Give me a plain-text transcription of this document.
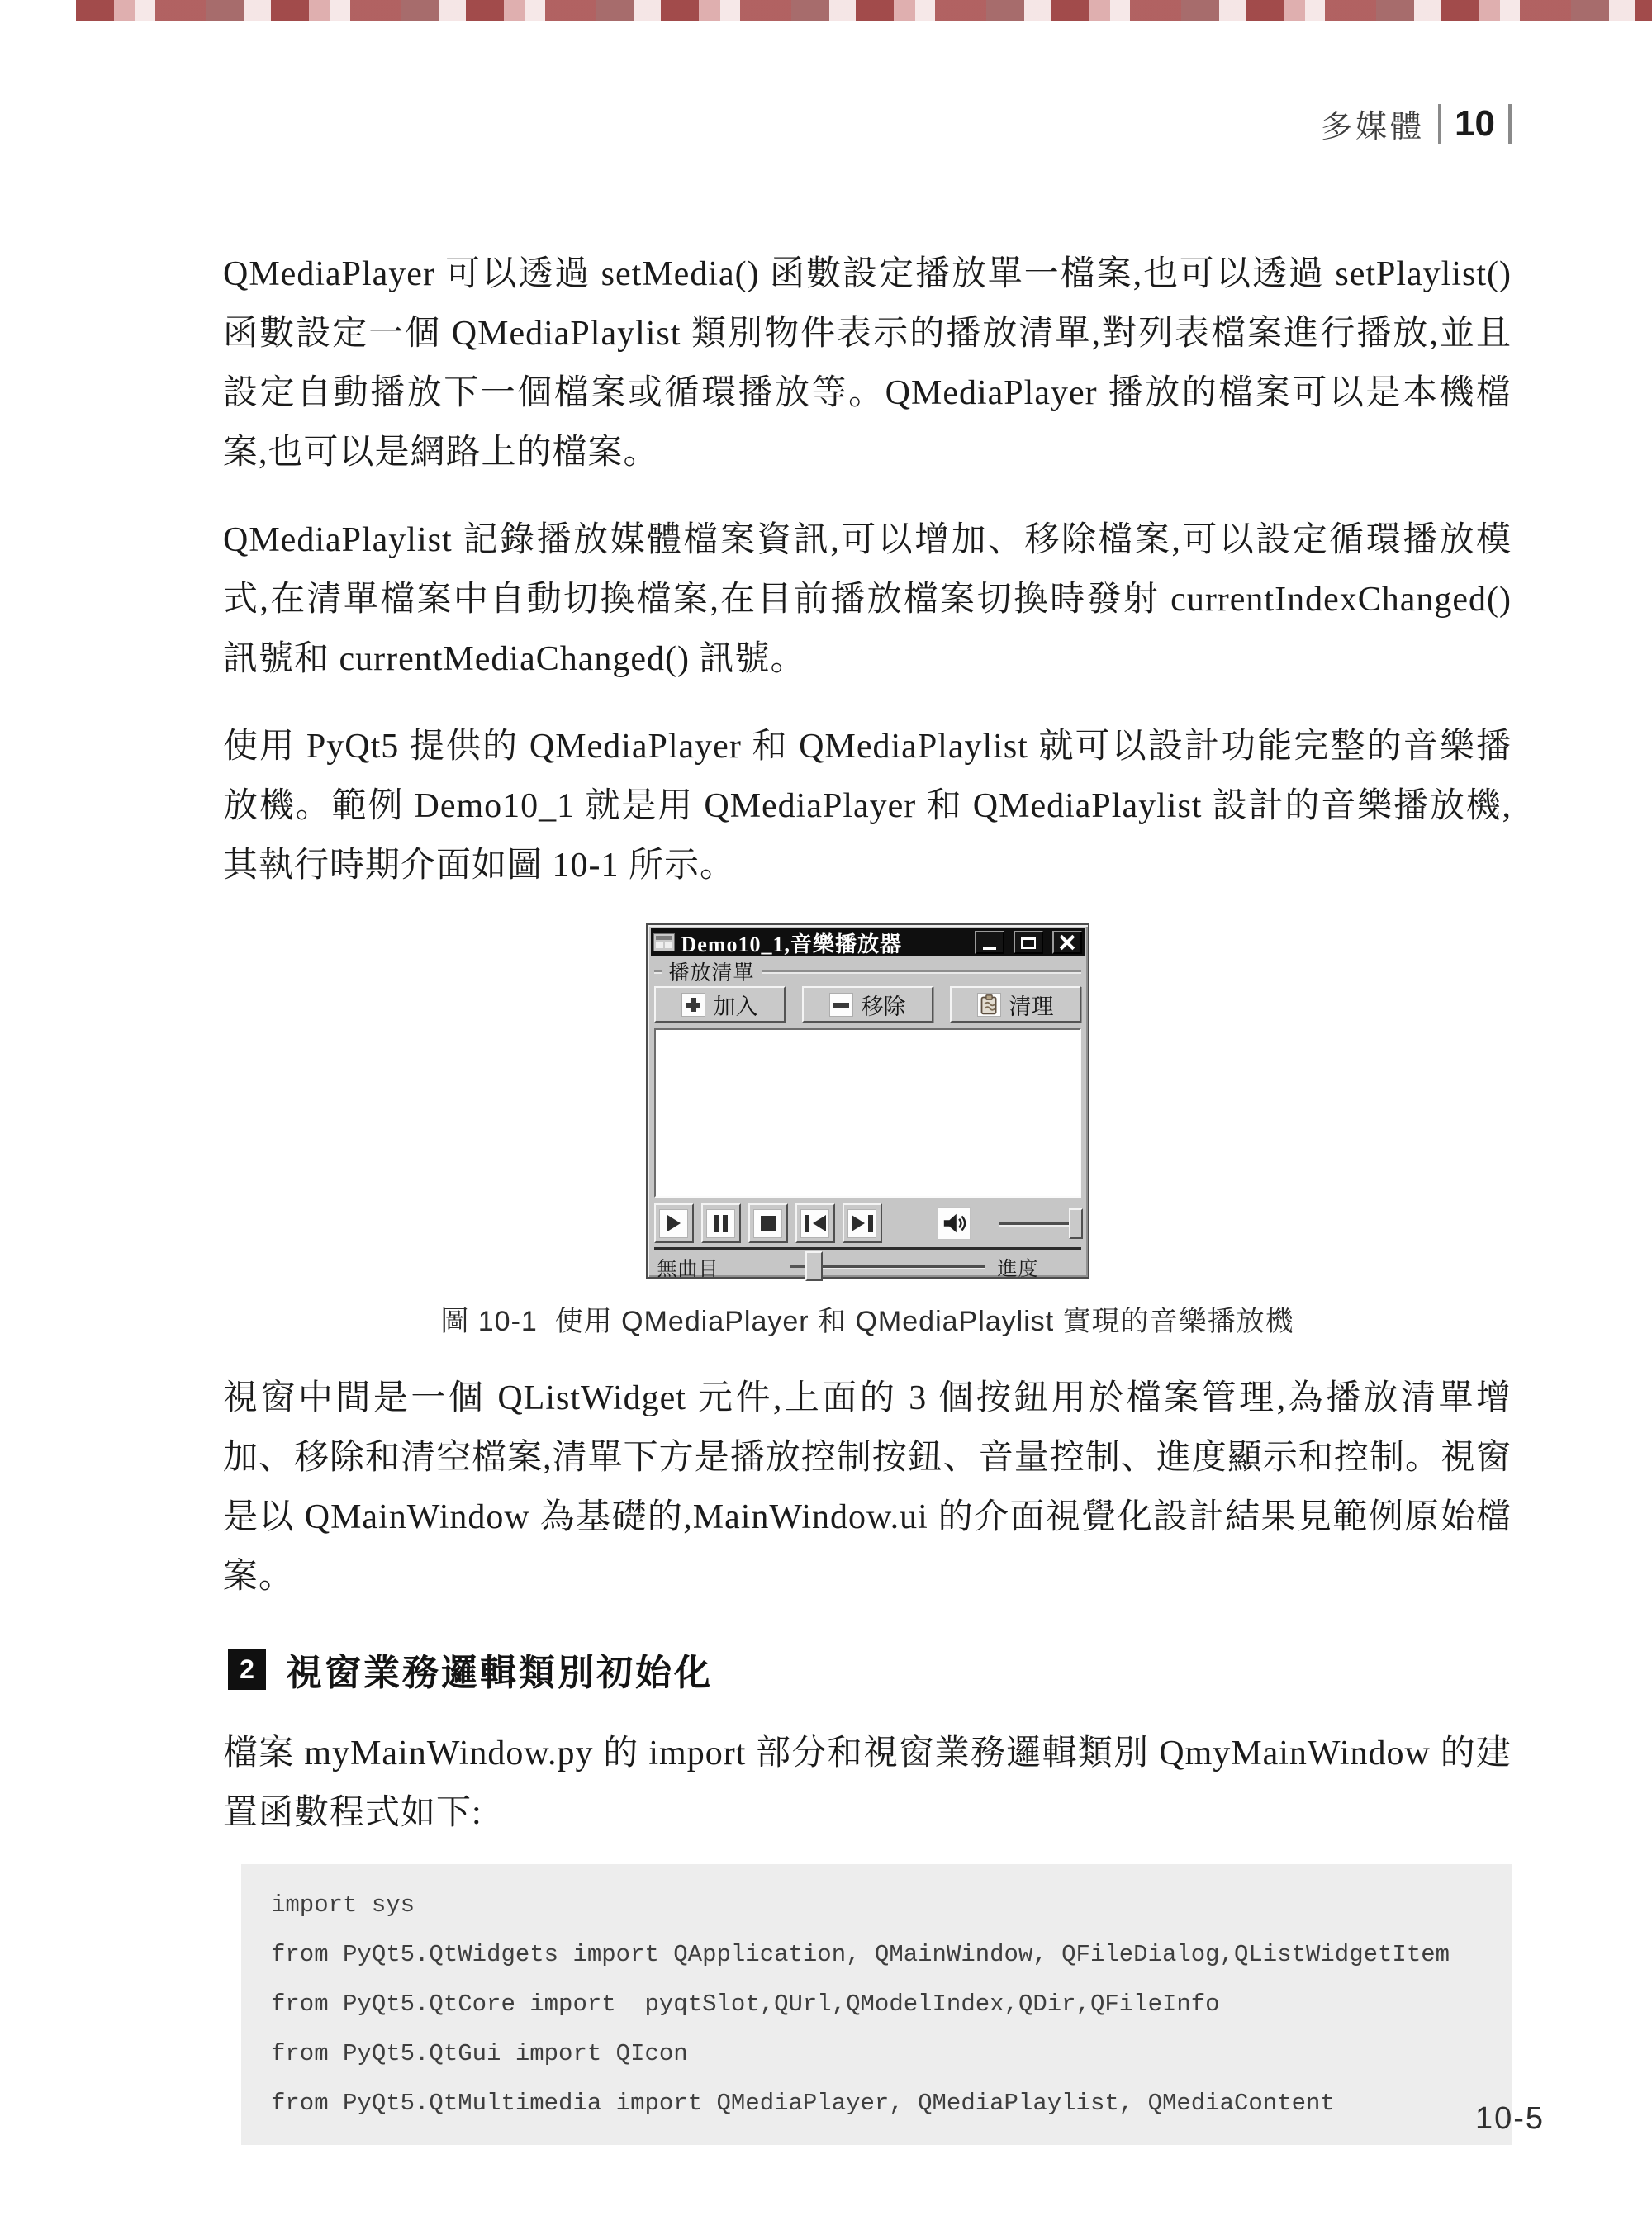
多媒體 10

QMediaPlayer 可以透過 setMedia() 函數設定播放單一檔案,也可以透過 setPlaylist() 函數設定一個 QMediaPlaylist 類別物件表示的播放清單,對列表檔案進行播放,並且設定自動播放下一個檔案或循環播放等。QMediaPlayer 播放的檔案可以是本機檔案,也可以是網路上的檔案。

QMediaPlaylist 記錄播放媒體檔案資訊,可以增加、移除檔案,可以設定循環播放模式,在清單檔案中自動切換檔案,在目前播放檔案切換時發射 currentIndexChanged() 訊號和 currentMediaChanged() 訊號。

使用 PyQt5 提供的 QMediaPlayer 和 QMediaPlaylist 就可以設計功能完整的音樂播放機。範例 Demo10_1 就是用 QMediaPlayer 和 QMediaPlaylist 設計的音樂播放機,其執行時期介面如圖 10-1 所示。

Demo10_1,音樂播放器
播放清單
加入	移除	清理
無曲目	進度
圖 10-1  使用 QMediaPlayer 和 QMediaPlaylist 實現的音樂播放機

視窗中間是一個 QListWidget 元件,上面的 3 個按鈕用於檔案管理,為播放清單增加、移除和清空檔案,清單下方是播放控制按鈕、音量控制、進度顯示和控制。視窗是以 QMainWindow 為基礎的,MainWindow.ui 的介面視覺化設計結果見範例原始檔案。

2 視窗業務邏輯類別初始化

檔案 myMainWindow.py 的 import 部分和視窗業務邏輯類別 QmyMainWindow 的建置函數程式如下:

import sys
from PyQt5.QtWidgets import QApplication, QMainWindow, QFileDialog,QListWidgetItem
from PyQt5.QtCore import  pyqtSlot,QUrl,QModelIndex,QDir,QFileInfo
from PyQt5.QtGui import QIcon
from PyQt5.QtMultimedia import QMediaPlayer, QMediaPlaylist, QMediaContent	10-5
